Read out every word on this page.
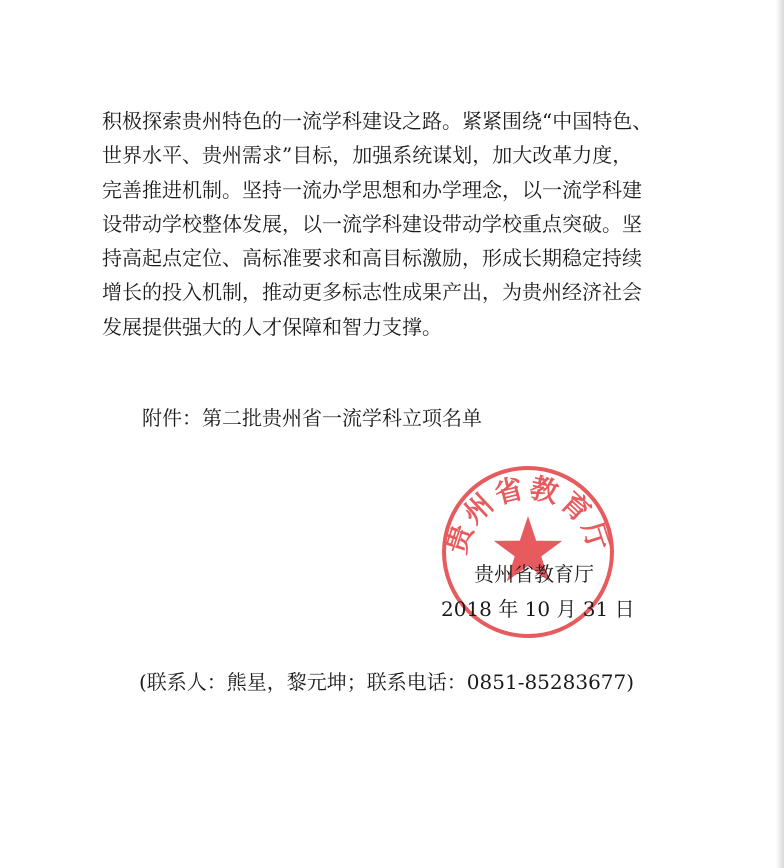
积极探索贵州特色的一流学科建设之路。紧紧围绕“中国特色、
世界水平、贵州需求”目标，加强系统谋划，加大改革力度，
完善推进机制。坚持一流办学思想和办学理念，以一流学科建
设带动学校整体发展，以一流学科建设带动学校重点突破。坚
持高起点定位、高标准要求和高目标激励，形成长期稳定持续
增长的投入机制，推动更多标志性成果产出，为贵州经济社会
发展提供强大的人才保障和智力支撑。

附件：第二批贵州省一流学科立项名单

贵州省教育厅
贵州省教育厅
2018 年 10 月 31 日
(联系人：熊星，黎元坤；联系电话：0851-85283677)
